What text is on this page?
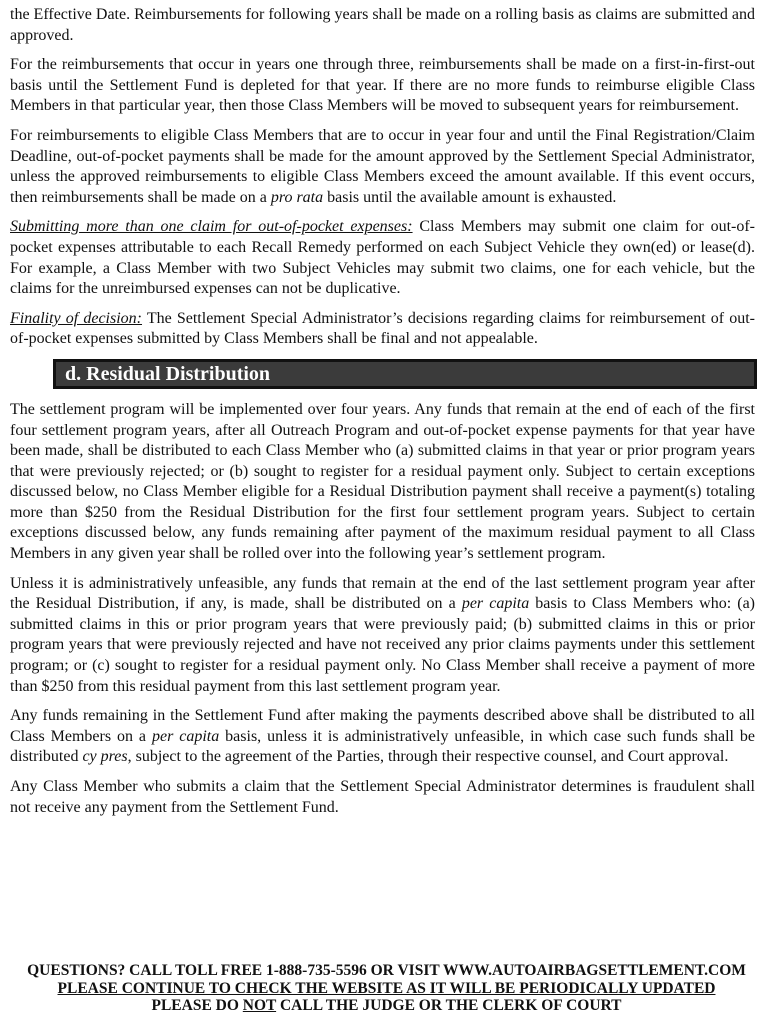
the Effective Date. Reimbursements for following years shall be made on a rolling basis as claims are submitted and approved.

For the reimbursements that occur in years one through three, reimbursements shall be made on a first-in-first-out basis until the Settlement Fund is depleted for that year. If there are no more funds to reimburse eligible Class Members in that particular year, then those Class Members will be moved to subsequent years for reimbursement.

For reimbursements to eligible Class Members that are to occur in year four and until the Final Registration/Claim Deadline, out-of-pocket payments shall be made for the amount approved by the Settlement Special Administrator, unless the approved reimbursements to eligible Class Members exceed the amount available. If this event occurs, then reimbursements shall be made on a pro rata basis until the available amount is exhausted.

Submitting more than one claim for out-of-pocket expenses: Class Members may submit one claim for out-of-pocket expenses attributable to each Recall Remedy performed on each Subject Vehicle they own(ed) or lease(d). For example, a Class Member with two Subject Vehicles may submit two claims, one for each vehicle, but the claims for the unreimbursed expenses can not be duplicative.

Finality of decision: The Settlement Special Administrator’s decisions regarding claims for reimbursement of out-of-pocket expenses submitted by Class Members shall be final and not appealable.

d. Residual Distribution

The settlement program will be implemented over four years. Any funds that remain at the end of each of the first four settlement program years, after all Outreach Program and out-of-pocket expense payments for that year have been made, shall be distributed to each Class Member who (a) submitted claims in that year or prior program years that were previously rejected; or (b) sought to register for a residual payment only. Subject to certain exceptions discussed below, no Class Member eligible for a Residual Distribution payment shall receive a payment(s) totaling more than $250 from the Residual Distribution for the first four settlement program years. Subject to certain exceptions discussed below, any funds remaining after payment of the maximum residual payment to all Class Members in any given year shall be rolled over into the following year’s settlement program.

Unless it is administratively unfeasible, any funds that remain at the end of the last settlement program year after the Residual Distribution, if any, is made, shall be distributed on a per capita basis to Class Members who: (a) submitted claims in this or prior program years that were previously paid; (b) submitted claims in this or prior program years that were previously rejected and have not received any prior claims payments under this settlement program; or (c) sought to register for a residual payment only. No Class Member shall receive a payment of more than $250 from this residual payment from this last settlement program year.

Any funds remaining in the Settlement Fund after making the payments described above shall be distributed to all Class Members on a per capita basis, unless it is administratively unfeasible, in which case such funds shall be distributed cy pres, subject to the agreement of the Parties, through their respective counsel, and Court approval.

Any Class Member who submits a claim that the Settlement Special Administrator determines is fraudulent shall not receive any payment from the Settlement Fund.

QUESTIONS? CALL TOLL FREE 1-888-735-5596 OR VISIT WWW.AUTOAIRBAGSETTLEMENT.COM
PLEASE CONTINUE TO CHECK THE WEBSITE AS IT WILL BE PERIODICALLY UPDATED
PLEASE DO NOT CALL THE JUDGE OR THE CLERK OF COURT
